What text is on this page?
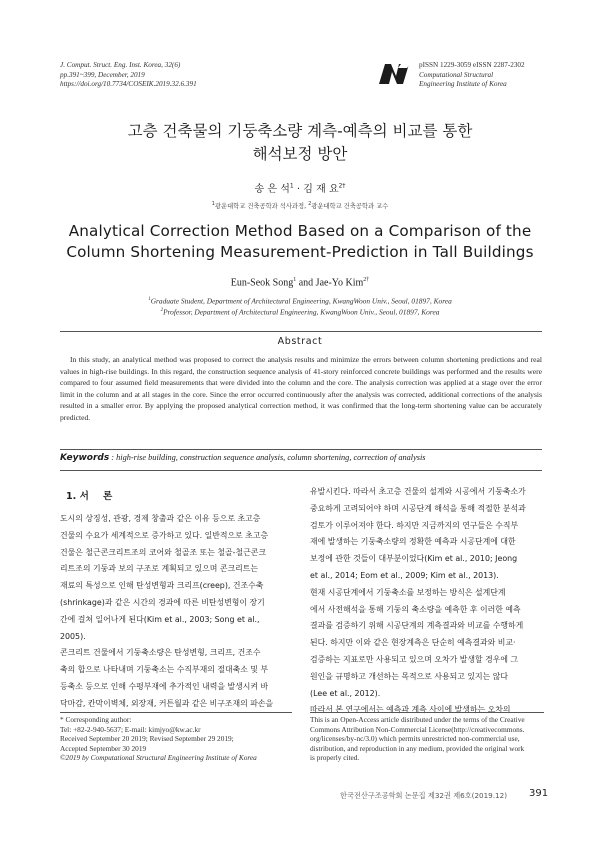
J. Comput. Struct. Eng. Inst. Korea, 32(6)
pp.391~399, December, 2019
https://doi.org/10.7734/COSEIK.2019.32.6.391
pISSN 1229-3059 eISSN 2287-2302
Computational Structural
Engineering Institute of Korea
고층 건축물의 기둥축소량 계측-예측의 비교를 통한
해석보정 방안
송 은 석$^1$ · 김 재 요$^{2\dagger}$
$^1$광운대학교 건축공학과 석사과정, $^2$광운대학교 건축공학과 교수
Analytical Correction Method Based on a Comparison of the
Column Shortening Measurement-Prediction in Tall Buildings
Eun-Seok Song$^1$ and Jae-Yo Kim$^{2\dagger}$
$^1$Graduate Student, Department of Architectural Engineering, KwangWoon Univ., Seoul, 01897, Korea
$^2$Professor, Department of Architectural Engineering, KwangWoon Univ., Seoul, 01897, Korea
Abstract
In this study, an analytical method was proposed to correct the analysis results and minimize the errors between column shortening predictions and real values in high-rise buildings. In this regard, the construction sequence analysis of 41-story reinforced concrete buildings was performed and the results were compared to four assumed field measurements that were divided into the column and the core. The analysis correction was applied at a stage over the error limit in the column and at all stages in the core. Since the error occurred continuously after the analysis was corrected, additional corrections of the analysis resulted in a smaller error. By applying the proposed analytical correction method, it was confirmed that the long-term shortening value can be accurately predicted.
Keywords : high-rise building, construction sequence analysis, column shortening, correction of analysis
1. 서 론
도시의 상징성, 관광, 경제 창출과 같은 이유 등으로 초고층
건물의 수요가 세계적으로 증가하고 있다. 일반적으로 초고층
건물은 철근콘크리트조의 코어와 철골조 또는 철골-철근콘크
리트조의 기둥과 보의 구조로 계획되고 있으며 콘크리트는
재료의 특성으로 인해 탄성변형과 크리프(creep), 건조수축
(shrinkage)과 같은 시간의 경과에 따른 비탄성변형이 장기
간에 걸쳐 일어나게 된다(Kim et al., 2003; Song et al.,
2005).
콘크리트 건물에서 기둥축소량은 탄성변형, 크리프, 건조수
축의 합으로 나타내며 기둥축소는 수직부재의 절대축소 및 부
등축소 등으로 인해 수평부재에 추가적인 내력을 발생시켜 바
닥마감, 칸막이벽체, 외장재, 커튼월과 같은 비구조재의 파손을
유발시킨다. 따라서 초고층 건물의 설계와 시공에서 기둥축소가
중요하게 고려되어야 하며 시공단계 해석을 통해 적절한 분석과
검토가 이루어져야 한다. 하지만 지금까지의 연구들은 수직부
재에 발생하는 기둥축소량의 정확한 예측과 시공단계에 대한
보정에 관한 것들이 대부분이었다(Kim et al., 2010; Jeong
et al., 2014; Eom et al., 2009; Kim et al., 2013).
현재 시공단계에서 기둥축소를 보정하는 방식은 설계단계
에서 사전해석을 통해 기둥의 축소량을 예측한 후 이러한 예측
결과를 검증하기 위해 시공단계의 계측결과와 비교를 수행하게
된다. 하지만 이와 같은 현장계측은 단순히 예측결과와 비교·
검증하는 지표로만 사용되고 있으며 오차가 발생할 경우에 그
원인을 규명하고 개선하는 목적으로 사용되고 있지는 않다
(Lee et al., 2012).
따라서 본 연구에서는 예측과 계측 사이에 발생하는 오차의
* Corresponding author:
Tel: +82-2-940-5637; E-mail: kimjyo@kw.ac.kr
Received September 20 2019; Revised September 29 2019;
Accepted September 30 2019
©2019 by Computational Structural Engineering Institute of Korea
This is an Open-Access article distributed under the terms of the Creative
Commons Attribution Non-Commercial License(http://creativecommons.
org/licenses/by-nc/3.0) which permits unrestricted non-commercial use,
distribution, and reproduction in any medium, provided the original work
is properly cited.
한국전산구조공학회 논문집 제32권 제6호(2019.12) 391
